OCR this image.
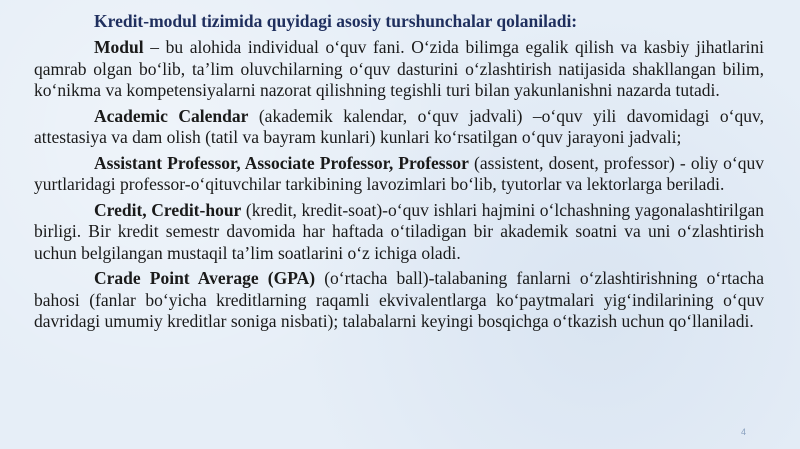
Kredit-modul tizimida quyidagi asosiy turshunchalar qolaniladi:

Modul – bu alohida individual o‘quv fani. O‘zida bilimga egalik qilish va kasbiy jihatlarini qamrab olgan bo‘lib, ta’lim oluvchilarning o‘quv dasturini o‘zlashtirish natijasida shakllangan bilim, ko‘nikma va kompetensiyalarni nazorat qilishning tegishli turi bilan yakunlanishni nazarda tutadi.

Academic Calendar (akademik kalendar, o‘quv jadvali) –o‘quv yili davomidagi o‘quv, attestasiya va dam olish (tatil va bayram kunlari) kunlari ko‘rsatilgan o‘quv jarayoni jadvali;

Assistant Professor, Associate Professor, Professor (assistent, dosent, professor) - oliy o‘quv yurtlaridagi professor-o‘qituvchilar tarkibining lavozimlari bo‘lib, tyutorlar va lektorlarga beriladi.

Credit, Credit-hour (kredit, kredit-soat)-o‘quv ishlari hajmini o‘lchashning yagonalashtirilgan birligi. Bir kredit semestr davomida har haftada o‘tiladigan bir akademik soatni va uni o‘zlashtirish uchun belgilangan mustaqil ta’lim soatlarini o‘z ichiga oladi.

Crade Point Average (GPA) (o‘rtacha ball)-talabaning fanlarni o‘zlashtirishning o‘rtacha bahosi (fanlar bo‘yicha kreditlarning raqamli ekvivalentlarga ko‘paytmalari yig‘indilarining o‘quv davridagi umumiy kreditlar soniga nisbati); talabalarni keyingi bosqichga o‘tkazish uchun qo‘llaniladi.

4
